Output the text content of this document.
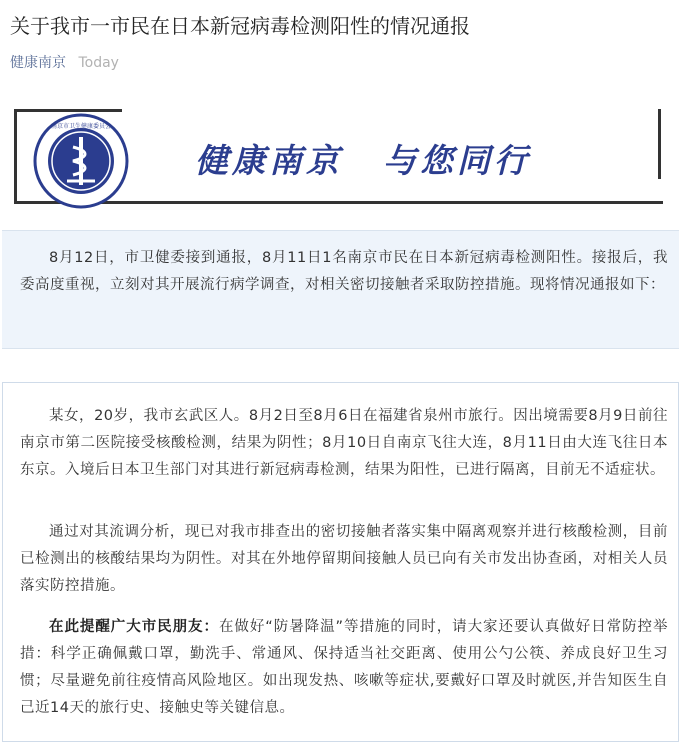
关于我市一市民在日本新冠病毒检测阳性的情况通报
健康南京 Today
南京市卫生健康委员会
健康南京 与您同行
8月12日，市卫健委接到通报，8月11日1名南京市民在日本新冠病毒检测阳性。接报后，我委高度重视，立刻对其开展流行病学调查，对相关密切接触者采取防控措施。现将情况通报如下：
某女，20岁，我市玄武区人。8月2日至8月6日在福建省泉州市旅行。因出境需要8月9日前往南京市第二医院接受核酸检测，结果为阴性；8月10日自南京飞往大连，8月11日由大连飞往日本东京。入境后日本卫生部门对其进行新冠病毒检测，结果为阳性，已进行隔离，目前无不适症状。
通过对其流调分析，现已对我市排查出的密切接触者落实集中隔离观察并进行核酸检测，目前已检测出的核酸结果均为阴性。对其在外地停留期间接触人员已向有关市发出协查函，对相关人员落实防控措施。
在此提醒广大市民朋友：在做好“防暑降温”等措施的同时，请大家还要认真做好日常防控举措：科学正确佩戴口罩，勤洗手、常通风、保持适当社交距离、使用公勺公筷、养成良好卫生习惯；尽量避免前往疫情高风险地区。如出现发热、咳嗽等症状,要戴好口罩及时就医,并告知医生自己近14天的旅行史、接触史等关键信息。
